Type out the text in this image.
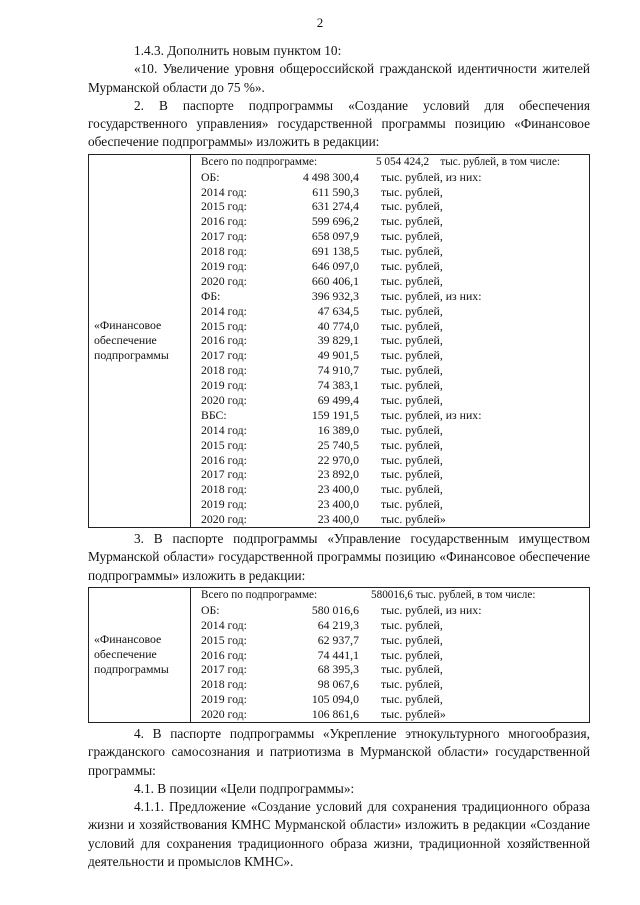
2

1.4.3. Дополнить новым пунктом 10:

«10. Увеличение уровня общероссийской гражданской идентичности жителей Мурманской области до 75 %».

2. В паспорте подпрограммы «Создание условий для обеспечения государственного управления» государственной программы позицию «Финансовое обеспечение подпрограммы» изложить в редакции:

«Финансовое обеспечение подпрограммы	
Всего по подпрограмме:	5 054 424,2 тыс. рублей, в том числе:
ОБ:	4 498 300,4	тыс. рублей, из них:
2014 год:	611 590,3	тыс. рублей,
2015 год:	631 274,4	тыс. рублей,
2016 год:	599 696,2	тыс. рублей,
2017 год:	658 097,9	тыс. рублей,
2018 год:	691 138,5	тыс. рублей,
2019 год:	646 097,0	тыс. рублей,
2020 год:	660 406,1	тыс. рублей,
ФБ:	396 932,3	тыс. рублей, из них:
2014 год:	47 634,5	тыс. рублей,
2015 год:	40 774,0	тыс. рублей,
2016 год:	39 829,1	тыс. рублей,
2017 год:	49 901,5	тыс. рублей,
2018 год:	74 910,7	тыс. рублей,
2019 год:	74 383,1	тыс. рублей,
2020 год:	69 499,4	тыс. рублей,
ВБС:	159 191,5	тыс. рублей, из них:
2014 год:	16 389,0	тыс. рублей,
2015 год:	25 740,5	тыс. рублей,
2016 год:	22 970,0	тыс. рублей,
2017 год:	23 892,0	тыс. рублей,
2018 год:	23 400,0	тыс. рублей,
2019 год:	23 400,0	тыс. рублей,
2020 год:	23 400,0	тыс. рублей»

3. В паспорте подпрограммы «Управление государственным имуществом Мурманской области» государственной программы позицию «Финансовое обеспечение подпрограммы» изложить в редакции:

«Финансовое обеспечение подпрограммы	
Всего по подпрограмме:	580016,6 тыс. рублей, в том числе:
ОБ:	580 016,6	тыс. рублей, из них:
2014 год:	64 219,3	тыс. рублей,
2015 год:	62 937,7	тыс. рублей,
2016 год:	74 441,1	тыс. рублей,
2017 год:	68 395,3	тыс. рублей,
2018 год:	98 067,6	тыс. рублей,
2019 год:	105 094,0	тыс. рублей,
2020 год:	106 861,6	тыс. рублей»

4. В паспорте подпрограммы «Укрепление этнокультурного многообразия, гражданского самосознания и патриотизма в Мурманской области» государственной программы:

4.1. В позиции «Цели подпрограммы»:

4.1.1. Предложение «Создание условий для сохранения традиционного образа жизни и хозяйствования КМНС Мурманской области» изложить в редакции «Создание условий для сохранения традиционного образа жизни, традиционной хозяйственной деятельности и промыслов КМНС».
